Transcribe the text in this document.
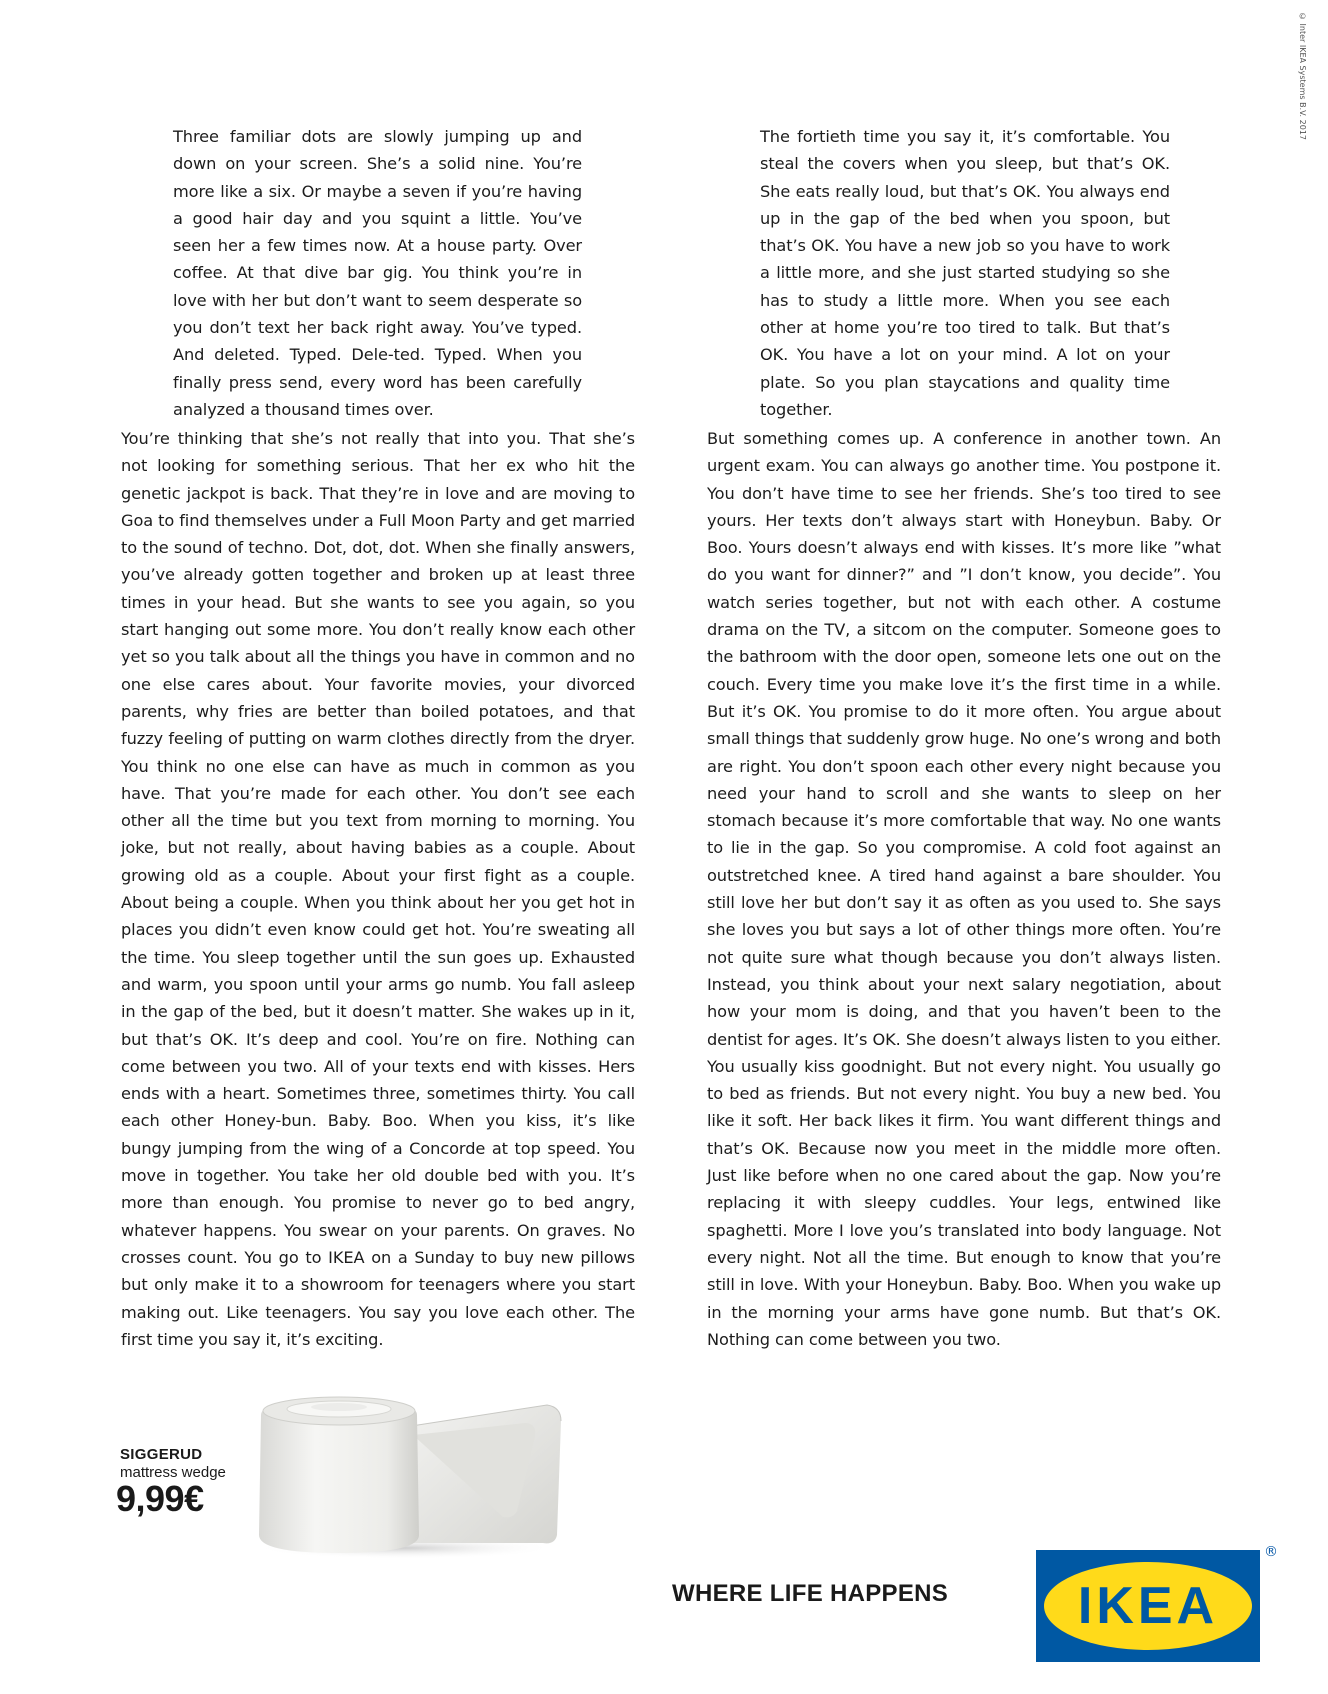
© Inter IKEA Systems B.V. 2017

Three familiar dots are slowly jumping up and down on your screen. She’s a solid nine. You’re more like a six. Or maybe a seven if you’re having a good hair day and you squint a little. You’ve seen her a few times now. At a house party. Over coffee. At that dive bar gig. You think you’re in love with her but don’t want to seem desperate so you don’t text her back right away. You’ve typed. And deleted. Typed. Dele-ted. Typed. When you finally press send, every word has been carefully analyzed a thousand times over.

The fortieth time you say it, it’s comfortable. You steal the covers when you sleep, but that’s OK. She eats really loud, but that’s OK. You always end up in the gap of the bed when you spoon, but that’s OK. You have a new job so you have to work a little more, and she just started studying so she has to study a little more. When you see each other at home you’re too tired to talk. But that’s OK. You have a lot on your mind. A lot on your plate. So you plan staycations and quality time together.

You’re thinking that she’s not really that into you. That she’s not looking for something serious. That her ex who hit the genetic jackpot is back. That they’re in love and are moving to Goa to find themselves under a Full Moon Party and get married to the sound of techno. Dot, dot, dot. When she finally answers, you’ve already gotten together and broken up at least three times in your head. But she wants to see you again, so you start hanging out some more. You don’t really know each other yet so you talk about all the things you have in common and no one else cares about. Your favorite movies, your divorced parents, why fries are better than boiled potatoes, and that fuzzy feeling of putting on warm clothes directly from the dryer. You think no one else can have as much in common as you have. That you’re made for each other. You don’t see each other all the time but you text from morning to morning. You joke, but not really, about having babies as a couple. About growing old as a couple. About your first fight as a couple. About being a couple. When you think about her you get hot in places you didn’t even know could get hot. You’re sweating all the time. You sleep together until the sun goes up. Exhausted and warm, you spoon until your arms go numb. You fall asleep in the gap of the bed, but it doesn’t matter. She wakes up in it, but that’s OK. It’s deep and cool. You’re on fire. Nothing can come between you two. All of your texts end with kisses. Hers ends with a heart. Sometimes three, sometimes thirty. You call each other Honey-bun. Baby. Boo. When you kiss, it’s like bungy jumping from the wing of a Concorde at top speed. You move in together. You take her old double bed with you. It’s more than enough. You promise to never go to bed angry, whatever happens. You swear on your parents. On graves. No crosses count. You go to IKEA on a Sunday to buy new pillows but only make it to a showroom for teenagers where you start making out. Like teenagers. You say you love each other. The first time you say it, it’s exciting.

But something comes up. A conference in another town. An urgent exam. You can always go another time. You postpone it. You don’t have time to see her friends. She’s too tired to see yours. Her texts don’t always start with Honeybun. Baby. Or Boo. Yours doesn’t always end with kisses. It’s more like ”what do you want for dinner?” and ”I don’t know, you decide”. You watch series together, but not with each other. A costume drama on the TV, a sitcom on the computer. Someone goes to the bathroom with the door open, someone lets one out on the couch. Every time you make love it’s the first time in a while. But it’s OK. You promise to do it more often. You argue about small things that suddenly grow huge. No one’s wrong and both are right. You don’t spoon each other every night because you need your hand to scroll and she wants to sleep on her stomach because it’s more comfortable that way. No one wants to lie in the gap. So you compromise. A cold foot against an outstretched knee. A tired hand against a bare shoulder. You still love her but don’t say it as often as you used to. She says she loves you but says a lot of other things more often. You’re not quite sure what though because you don’t always listen. Instead, you think about your next salary negotiation, about how your mom is doing, and that you haven’t been to the dentist for ages. It’s OK. She doesn’t always listen to you either. You usually kiss goodnight. But not every night. You usually go to bed as friends. But not every night. You buy a new bed. You like it soft. Her back likes it firm. You want different things and that’s OK. Because now you meet in the middle more often. Just like before when no one cared about the gap. Now you’re replacing it with sleepy cuddles. Your legs, entwined like spaghetti. More I love you’s translated into body language. Not every night. Not all the time. But enough to know that you’re still in love. With your Honeybun. Baby. Boo. When you wake up in the morning your arms have gone numb. But that’s OK. Nothing can come between you two.

SIGGERUD
mattress wedge
9,99€
WHERE LIFE HAPPENS IKEA
®
